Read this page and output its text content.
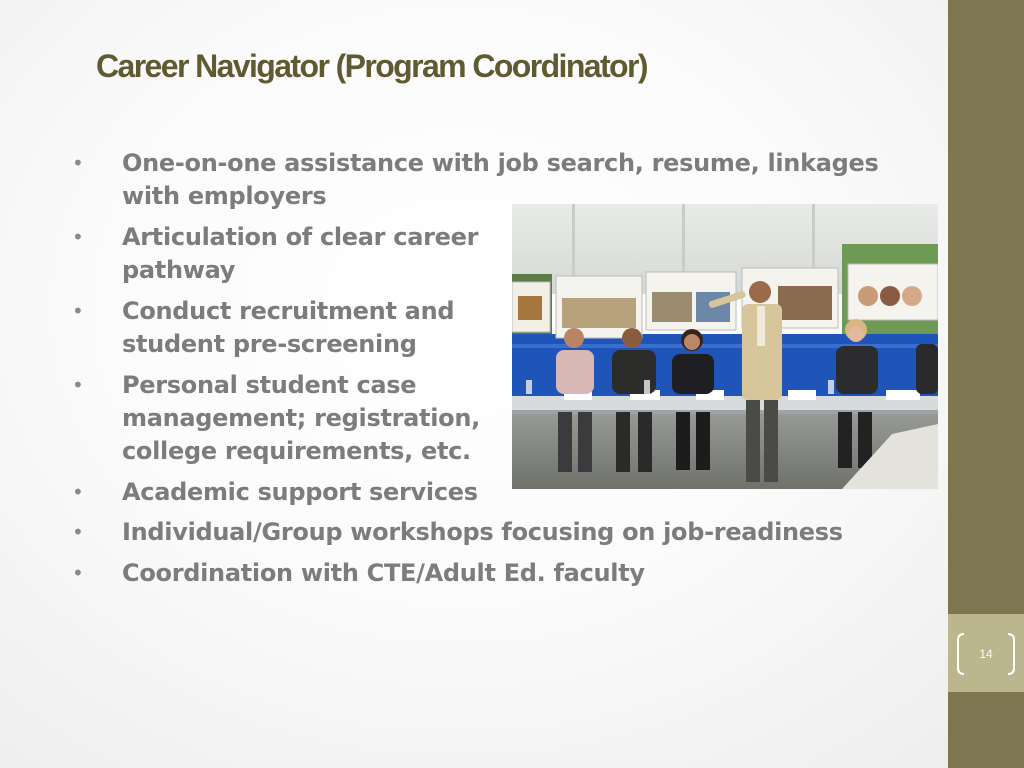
14
Career Navigator (Program Coordinator)

• One-on-one assistance with job search, resume, linkages
with employers

• Articulation of clear career
pathway

• Conduct recruitment and
student pre-screening

• Personal student case
management; registration,
college requirements, etc.

• Academic support services

• Individual/Group workshops focusing on job-readiness

• Coordination with CTE/Adult Ed. faculty
